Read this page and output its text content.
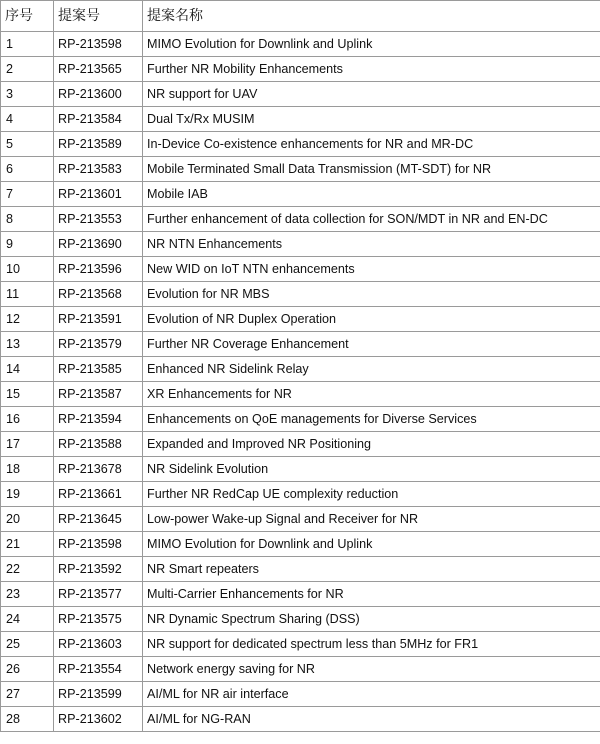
序号	提案号	提案名称
1	RP-213598	MIMO Evolution for Downlink and Uplink
2	RP-213565	Further NR Mobility Enhancements
3	RP-213600	NR support for UAV
4	RP-213584	Dual Tx/Rx MUSIM
5	RP-213589	In-Device Co-existence enhancements for NR and MR-DC
6	RP-213583	Mobile Terminated Small Data Transmission (MT-SDT) for NR
7	RP-213601	Mobile IAB
8	RP-213553	Further enhancement of data collection for SON/MDT in NR and EN-DC
9	RP-213690	NR NTN Enhancements
10	RP-213596	New WID on IoT NTN enhancements
11	RP-213568	Evolution for NR MBS
12	RP-213591	Evolution of NR Duplex Operation
13	RP-213579	Further NR Coverage Enhancement
14	RP-213585	Enhanced NR Sidelink Relay
15	RP-213587	XR Enhancements for NR
16	RP-213594	Enhancements on QoE managements for Diverse Services
17	RP-213588	Expanded and Improved NR Positioning
18	RP-213678	NR Sidelink Evolution
19	RP-213661	Further NR RedCap UE complexity reduction
20	RP-213645	Low-power Wake-up Signal and Receiver for NR
21	RP-213598	MIMO Evolution for Downlink and Uplink
22	RP-213592	NR Smart repeaters
23	RP-213577	Multi-Carrier Enhancements for NR
24	RP-213575	NR Dynamic Spectrum Sharing (DSS)
25	RP-213603	NR support for dedicated spectrum less than 5MHz for FR1
26	RP-213554	Network energy saving for NR
27	RP-213599	AI/ML for NR air interface
28	RP-213602	AI/ML for NG-RAN
